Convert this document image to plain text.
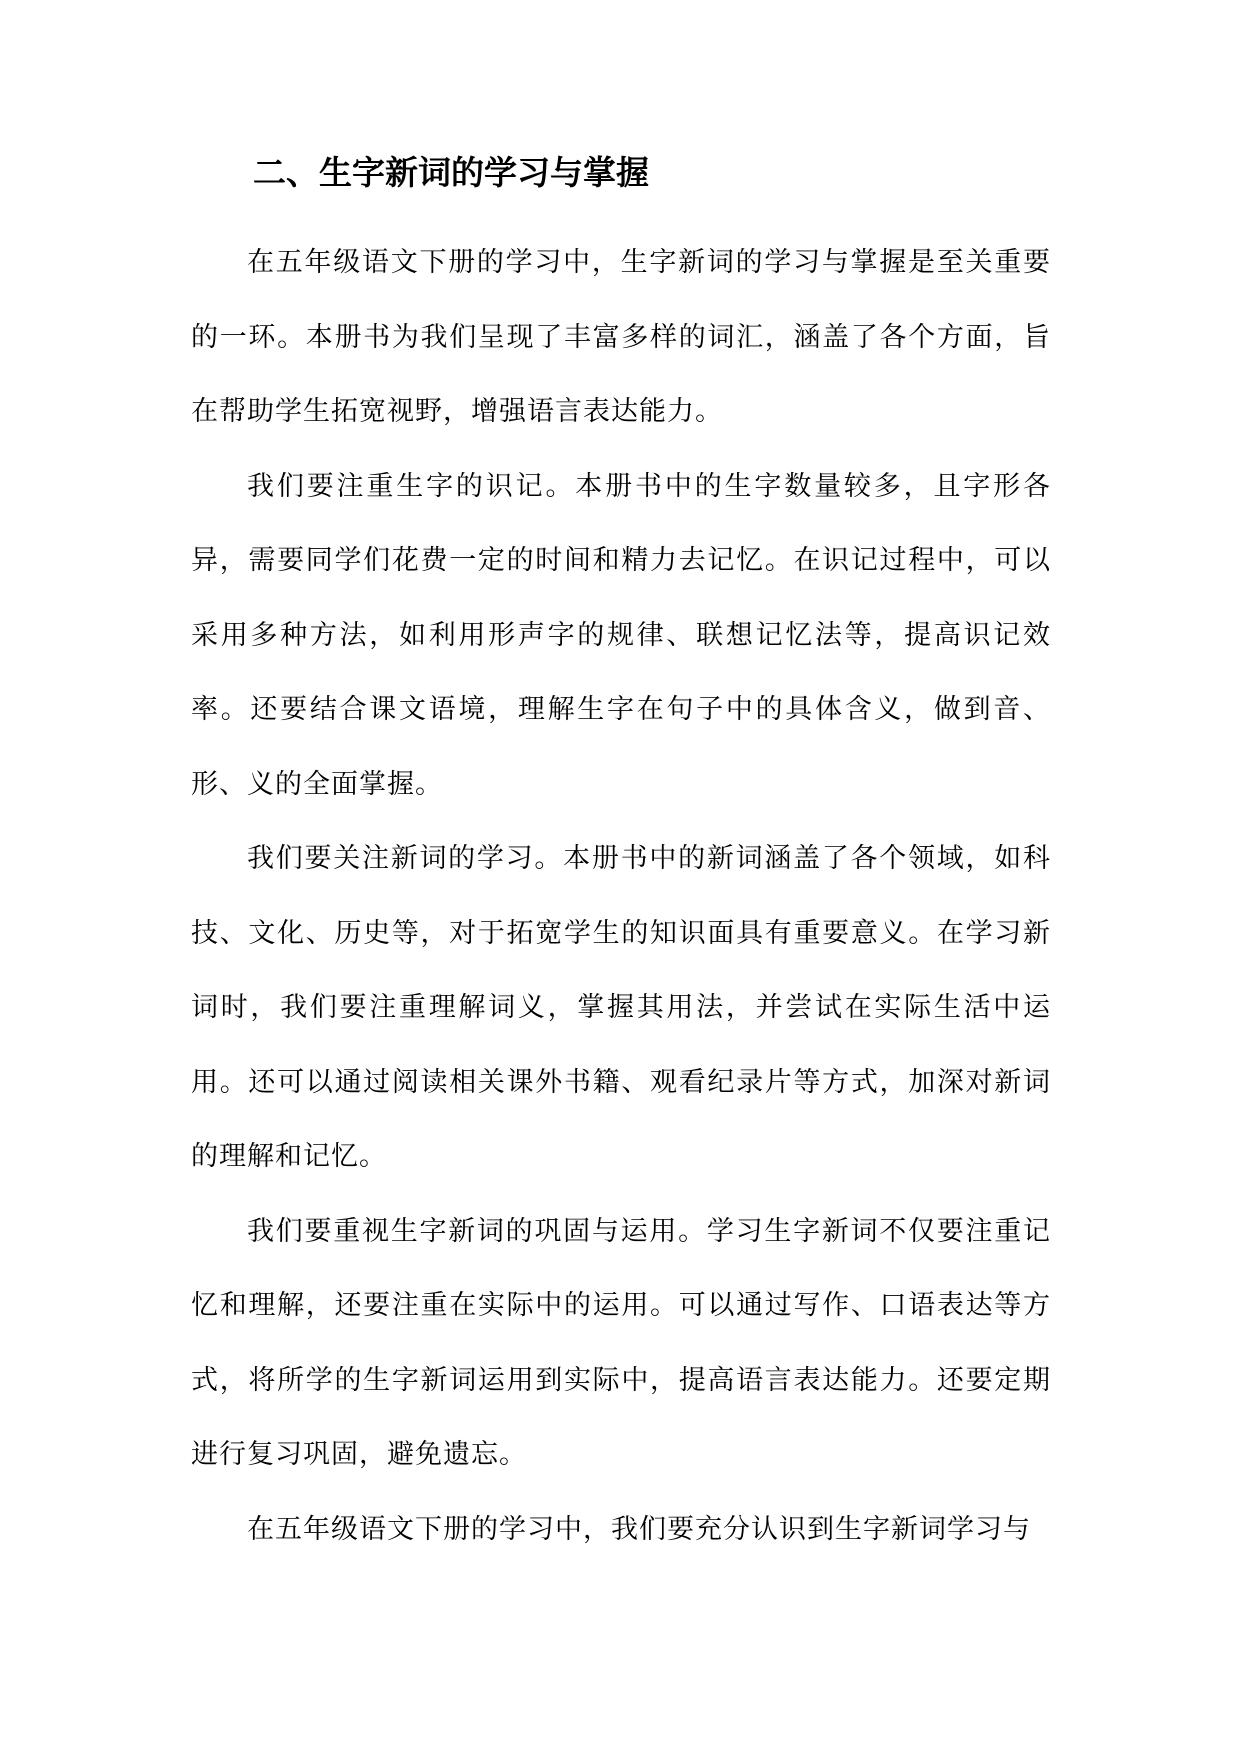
二、生字新词的学习与掌握

在五年级语文下册的学习中，生字新词的学习与掌握是至关重要的一环。本册书为我们呈现了丰富多样的词汇，涵盖了各个方面，旨在帮助学生拓宽视野，增强语言表达能力。

我们要注重生字的识记。本册书中的生字数量较多，且字形各异，需要同学们花费一定的时间和精力去记忆。在识记过程中，可以采用多种方法，如利用形声字的规律、联想记忆法等，提高识记效率。还要结合课文语境，理解生字在句子中的具体含义，做到音、形、义的全面掌握。

我们要关注新词的学习。本册书中的新词涵盖了各个领域，如科技、文化、历史等，对于拓宽学生的知识面具有重要意义。在学习新词时，我们要注重理解词义，掌握其用法，并尝试在实际生活中运用。还可以通过阅读相关课外书籍、观看纪录片等方式，加深对新词的理解和记忆。

我们要重视生字新词的巩固与运用。学习生字新词不仅要注重记忆和理解，还要注重在实际中的运用。可以通过写作、口语表达等方式，将所学的生字新词运用到实际中，提高语言表达能力。还要定期进行复习巩固，避免遗忘。

在五年级语文下册的学习中，我们要充分认识到生字新词学习与
